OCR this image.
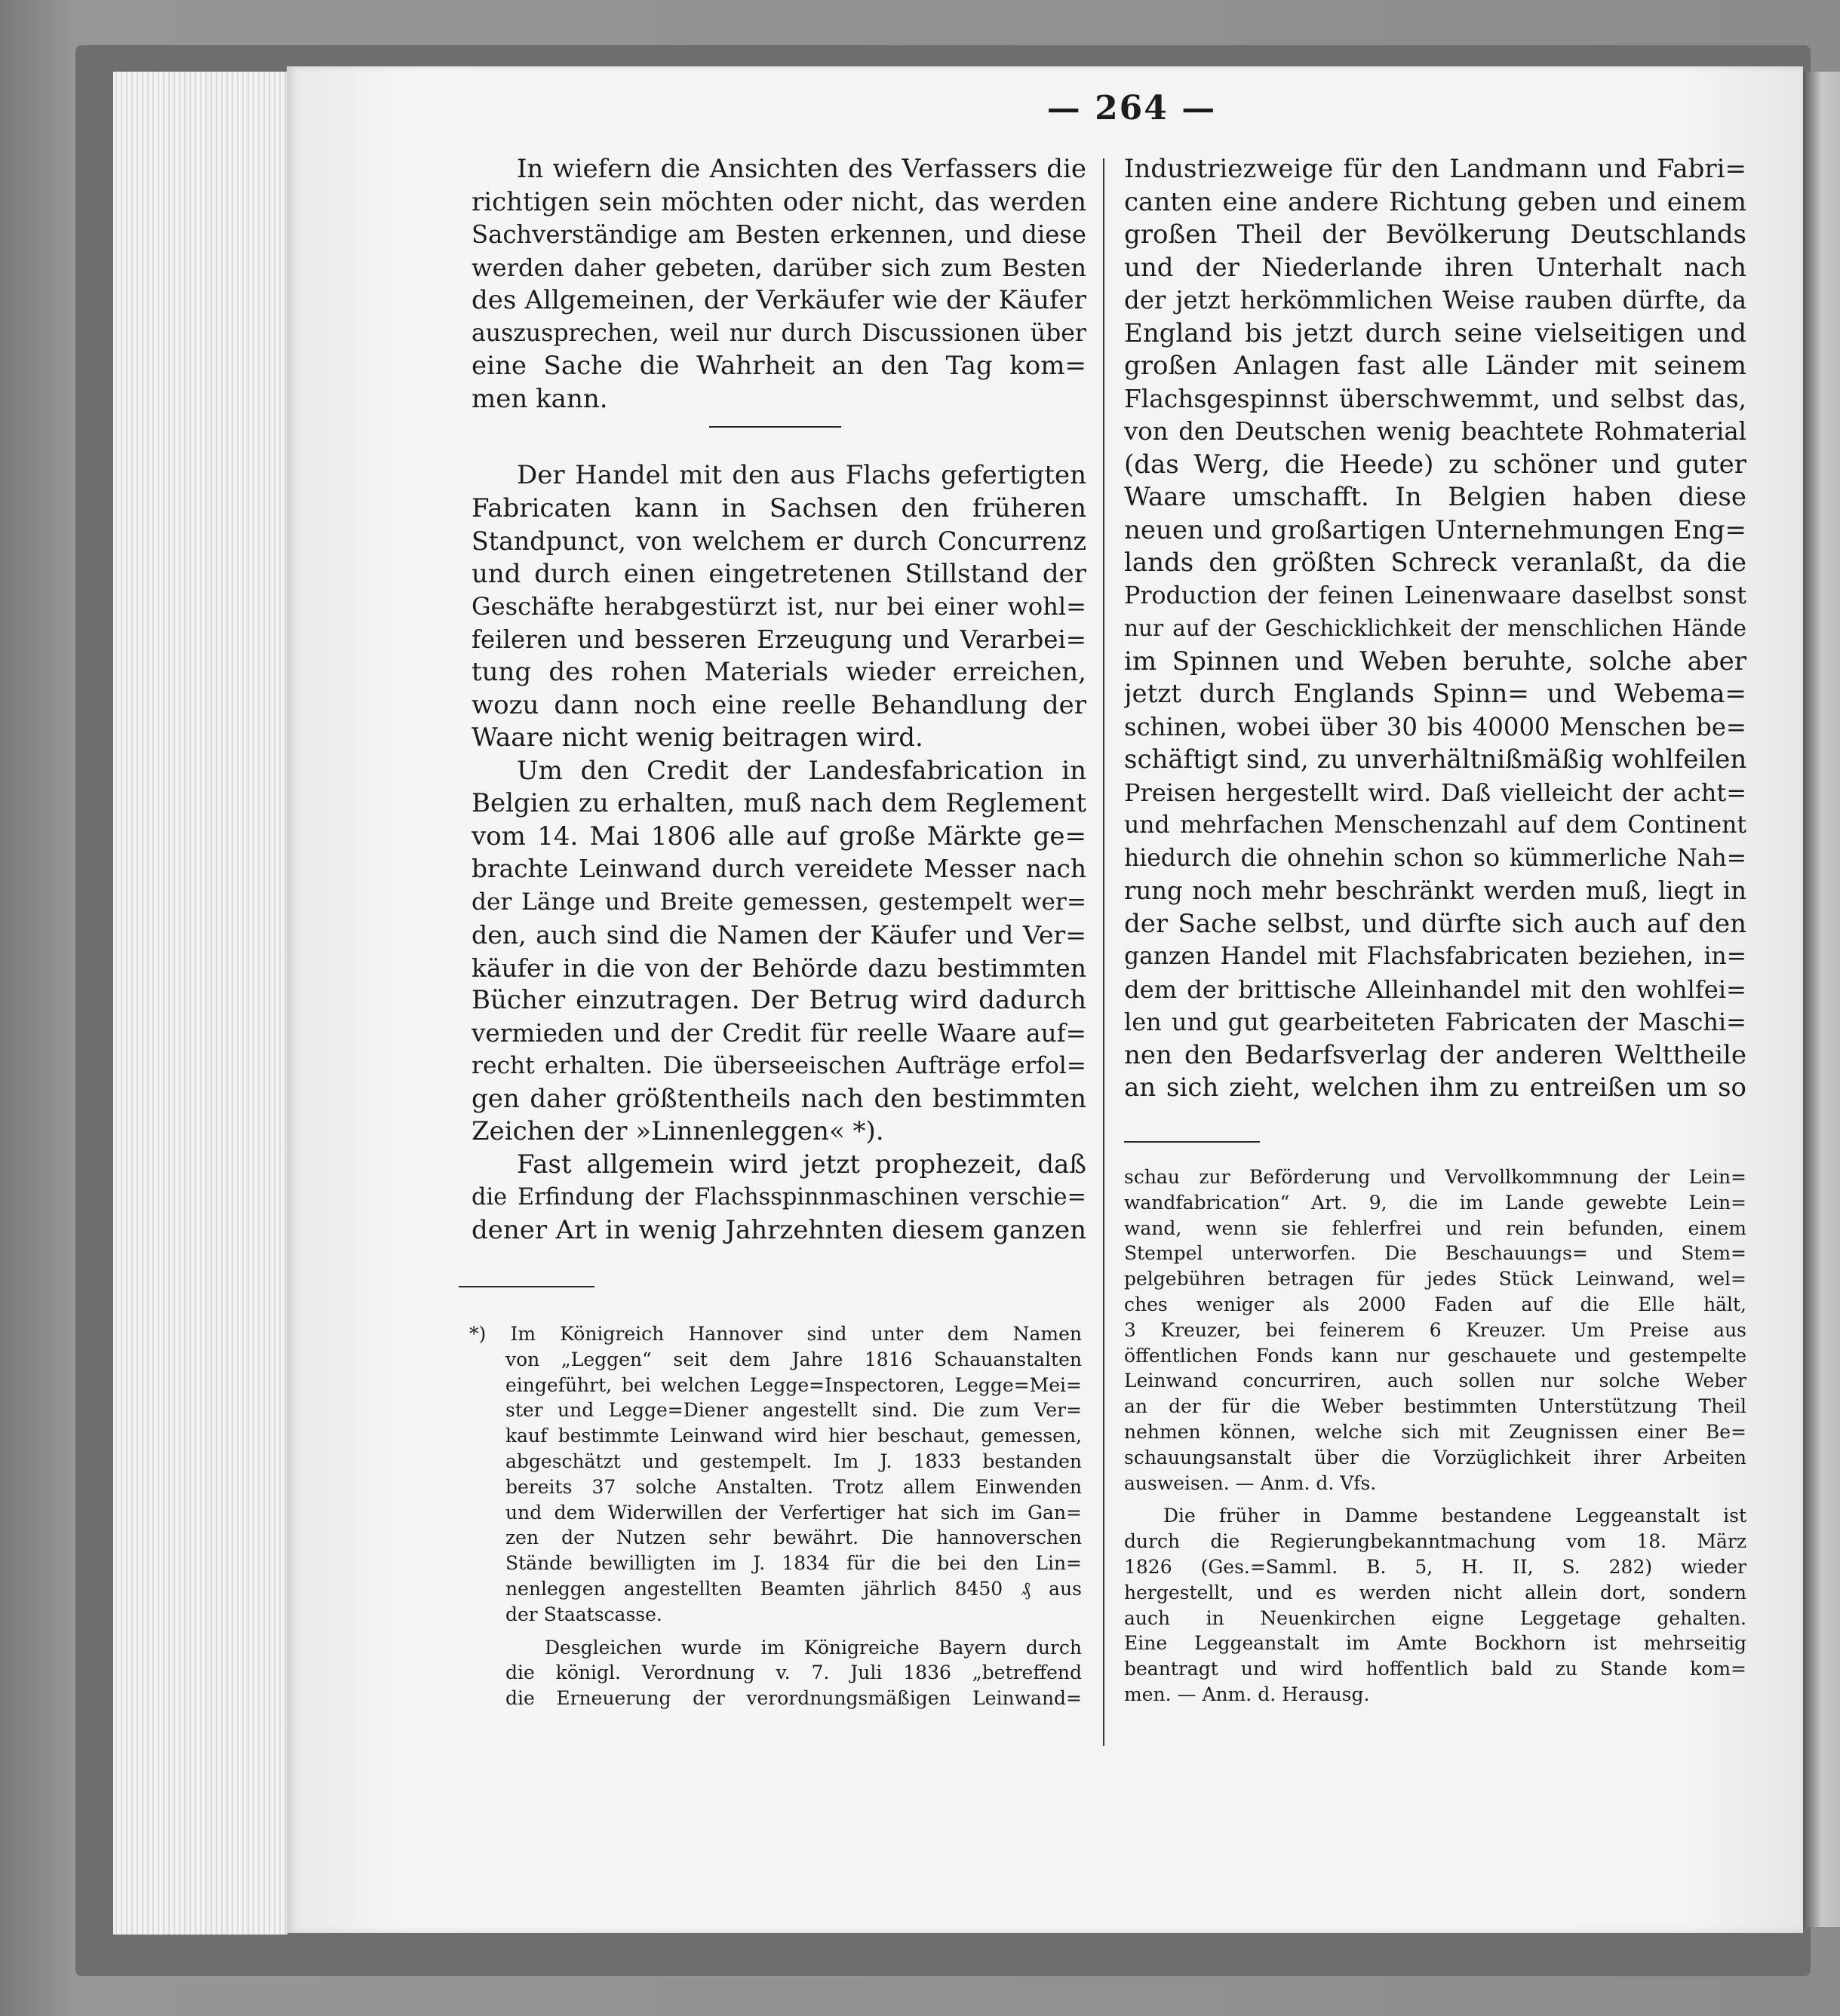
— 264 —
In wiefern die Ansichten des Verfassers die
richtigen sein möchten oder nicht, das werden
Sachverständige am Besten erkennen, und diese
werden daher gebeten, darüber sich zum Besten
des Allgemeinen, der Verkäufer wie der Käufer
auszusprechen, weil nur durch Discussionen über
eine Sache die Wahrheit an den Tag kom=
men kann.
Der Handel mit den aus Flachs gefertigten
Fabricaten kann in Sachsen den früheren
Standpunct, von welchem er durch Concurrenz
und durch einen eingetretenen Stillstand der
Geschäfte herabgestürzt ist, nur bei einer wohl=
feileren und besseren Erzeugung und Verarbei=
tung des rohen Materials wieder erreichen,
wozu dann noch eine reelle Behandlung der
Waare nicht wenig beitragen wird.
Um den Credit der Landesfabrication in
Belgien zu erhalten, muß nach dem Reglement
vom 14. Mai 1806 alle auf große Märkte ge=
brachte Leinwand durch vereidete Messer nach
der Länge und Breite gemessen, gestempelt wer=
den, auch sind die Namen der Käufer und Ver=
käufer in die von der Behörde dazu bestimmten
Bücher einzutragen. Der Betrug wird dadurch
vermieden und der Credit für reelle Waare auf=
recht erhalten. Die überseeischen Aufträge erfol=
gen daher größtentheils nach den bestimmten
Zeichen der »Linnenleggen« *).
Fast allgemein wird jetzt prophezeit, daß
die Erfindung der Flachsspinnmaschinen verschie=
dener Art in wenig Jahrzehnten diesem ganzen
Industriezweige für den Landmann und Fabri=
canten eine andere Richtung geben und einem
großen Theil der Bevölkerung Deutschlands
und der Niederlande ihren Unterhalt nach
der jetzt herkömmlichen Weise rauben dürfte, da
England bis jetzt durch seine vielseitigen und
großen Anlagen fast alle Länder mit seinem
Flachsgespinnst überschwemmt, und selbst das,
von den Deutschen wenig beachtete Rohmaterial
(das Werg, die Heede) zu schöner und guter
Waare umschafft. In Belgien haben diese
neuen und großartigen Unternehmungen Eng=
lands den größten Schreck veranlaßt, da die
Production der feinen Leinenwaare daselbst sonst
nur auf der Geschicklichkeit der menschlichen Hände
im Spinnen und Weben beruhte, solche aber
jetzt durch Englands Spinn= und Webema=
schinen, wobei über 30 bis 40000 Menschen be=
schäftigt sind, zu unverhältnißmäßig wohlfeilen
Preisen hergestellt wird. Daß vielleicht der acht=
und mehrfachen Menschenzahl auf dem Continent
hiedurch die ohnehin schon so kümmerliche Nah=
rung noch mehr beschränkt werden muß, liegt in
der Sache selbst, und dürfte sich auch auf den
ganzen Handel mit Flachsfabricaten beziehen, in=
dem der brittische Alleinhandel mit den wohlfei=
len und gut gearbeiteten Fabricaten der Maschi=
nen den Bedarfsverlag der anderen Welttheile
an sich zieht, welchen ihm zu entreißen um so
*) Im Königreich Hannover sind unter dem Namen
von „Leggen“ seit dem Jahre 1816 Schauanstalten
eingeführt, bei welchen Legge=Inspectoren, Legge=Mei=
ster und Legge=Diener angestellt sind. Die zum Ver=
kauf bestimmte Leinwand wird hier beschaut, gemessen,
abgeschätzt und gestempelt. Im J. 1833 bestanden
bereits 37 solche Anstalten. Trotz allem Einwenden
und dem Widerwillen der Verfertiger hat sich im Gan=
zen der Nutzen sehr bewährt. Die hannoverschen
Stände bewilligten im J. 1834 für die bei den Lin=
nenleggen angestellten Beamten jährlich 8450 ₰ aus
der Staatscasse.
Desgleichen wurde im Königreiche Bayern durch
die königl. Verordnung v. 7. Juli 1836 „betreffend
die Erneuerung der verordnungsmäßigen Leinwand=
schau zur Beförderung und Vervollkommnung der Lein=
wandfabrication“ Art. 9, die im Lande gewebte Lein=
wand, wenn sie fehlerfrei und rein befunden, einem
Stempel unterworfen. Die Beschauungs= und Stem=
pelgebühren betragen für jedes Stück Leinwand, wel=
ches weniger als 2000 Faden auf die Elle hält,
3 Kreuzer, bei feinerem 6 Kreuzer. Um Preise aus
öffentlichen Fonds kann nur geschauete und gestempelte
Leinwand concurriren, auch sollen nur solche Weber
an der für die Weber bestimmten Unterstützung Theil
nehmen können, welche sich mit Zeugnissen einer Be=
schauungsanstalt über die Vorzüglichkeit ihrer Arbeiten
ausweisen. — Anm. d. Vfs.
Die früher in Damme bestandene Leggeanstalt ist
durch die Regierungbekanntmachung vom 18. März
1826 (Ges.=Samml. B. 5, H. II, S. 282) wieder
hergestellt, und es werden nicht allein dort, sondern
auch in Neuenkirchen eigne Leggetage gehalten.
Eine Leggeanstalt im Amte Bockhorn ist mehrseitig
beantragt und wird hoffentlich bald zu Stande kom=
men. — Anm. d. Herausg.
